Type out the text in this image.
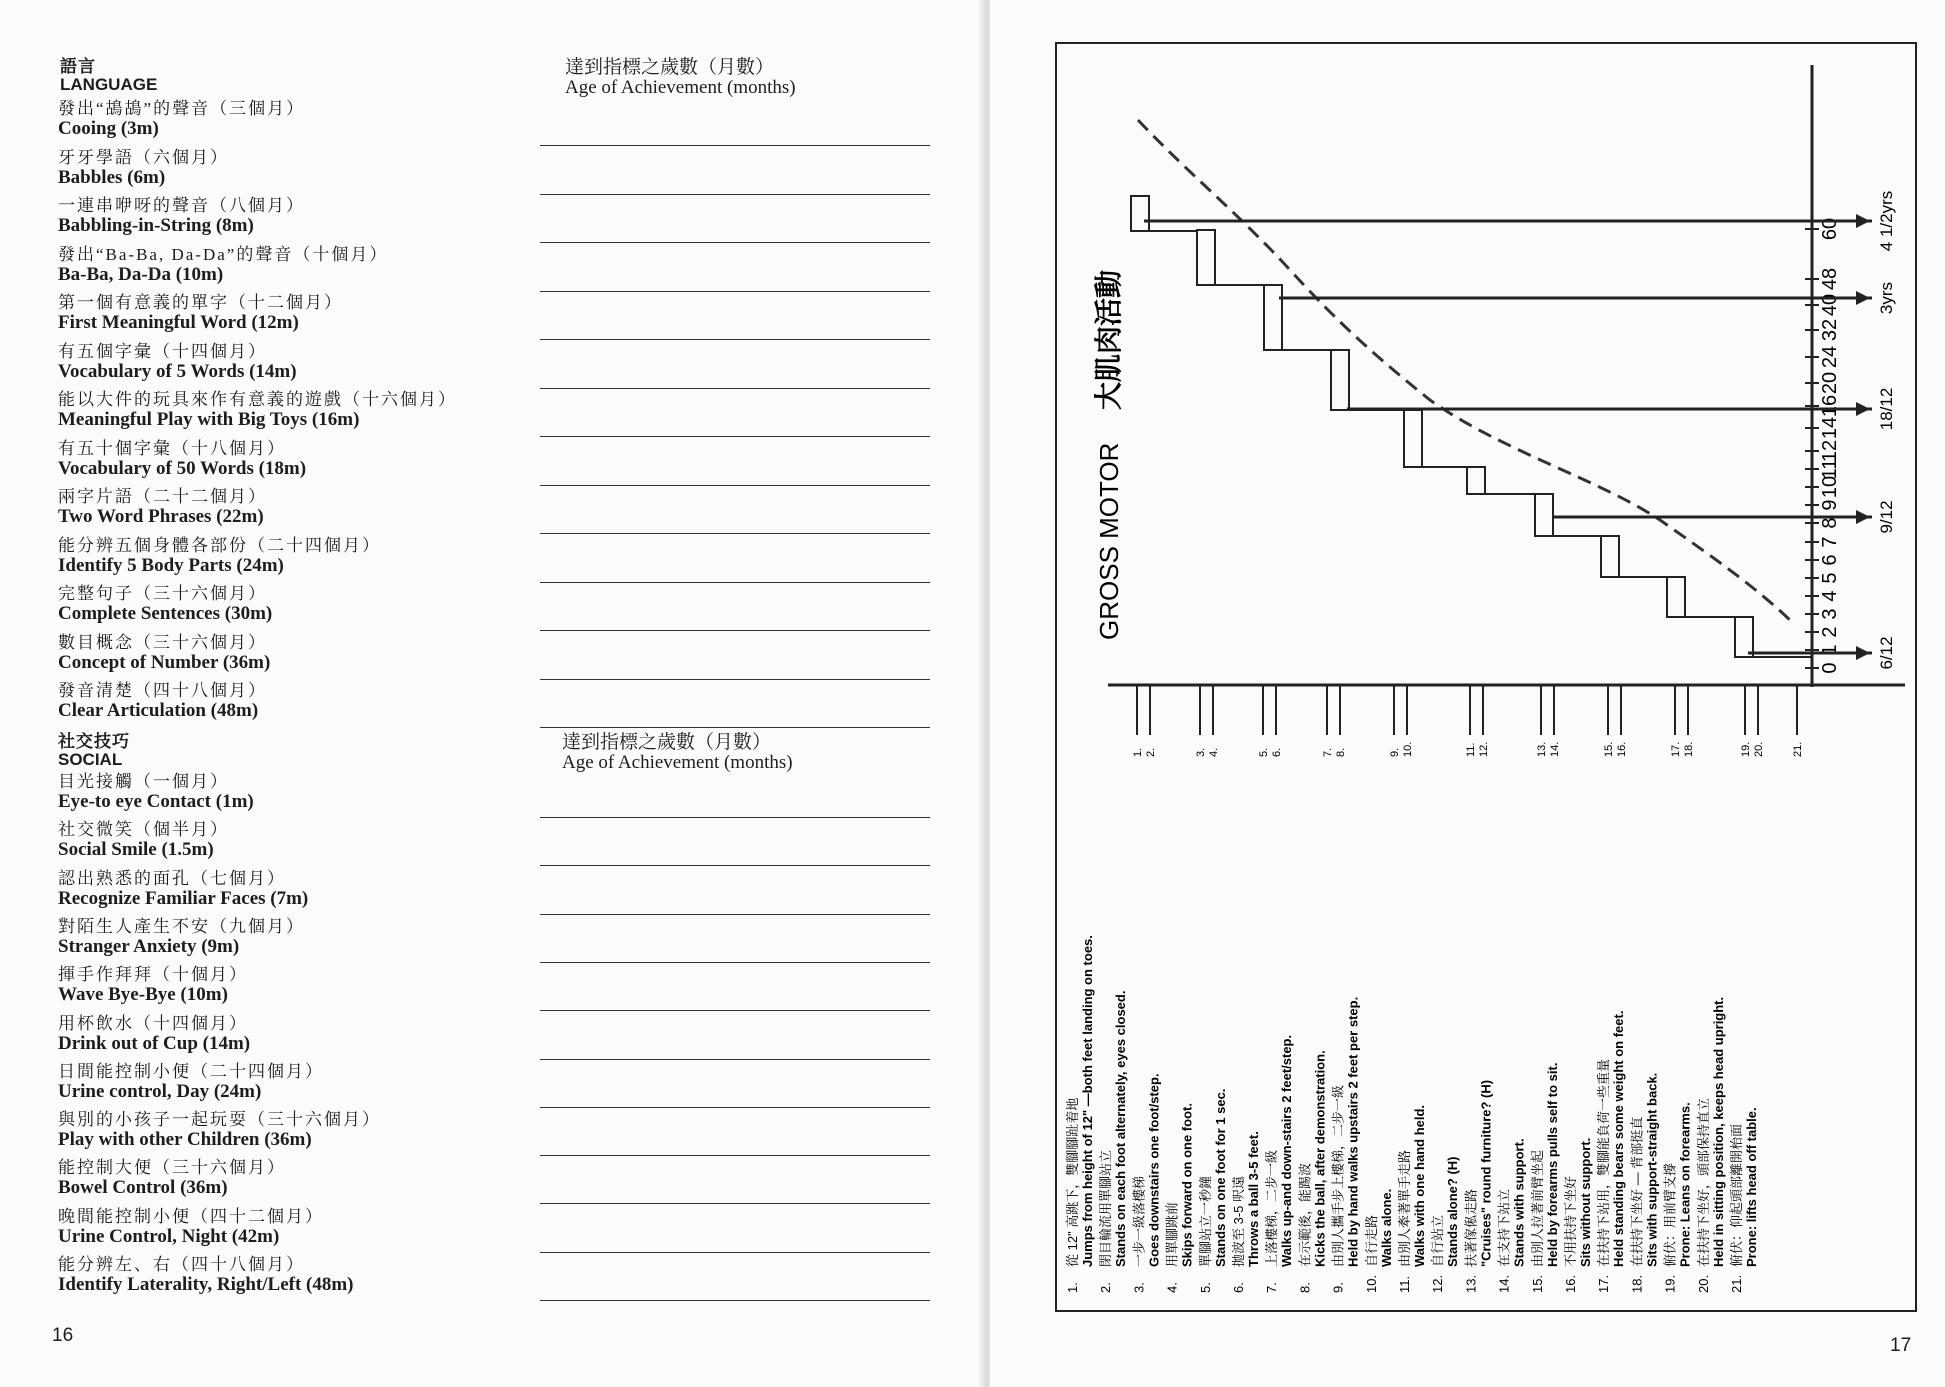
語言
LANGUAGE
達到指標之歲數（月數）
Age of Achievement (months)
發出“鴣鴣”的聲音（三個月）
Cooing (3m)
牙牙學語（六個月）
Babbles (6m)
一連串咿呀的聲音（八個月）
Babbling-in-String (8m)
發出“Ba-Ba, Da-Da”的聲音（十個月）
Ba-Ba, Da-Da (10m)
第一個有意義的單字（十二個月）
First Meaningful Word (12m)
有五個字彙（十四個月）
Vocabulary of 5 Words (14m)
能以大件的玩具來作有意義的遊戲（十六個月）
Meaningful Play with Big Toys (16m)
有五十個字彙（十八個月）
Vocabulary of 50 Words (18m)
兩字片語（二十二個月）
Two Word Phrases (22m)
能分辨五個身體各部份（二十四個月）
Identify 5 Body Parts (24m)
完整句子（三十六個月）
Complete Sentences (30m)
數目概念（三十六個月）
Concept of Number (36m)
發音清楚（四十八個月）
Clear Articulation (48m)
社交技巧
SOCIAL
達到指標之歲數（月數）
Age of Achievement (months)
目光接觸（一個月）
Eye-to eye Contact (1m)
社交微笑（個半月）
Social Smile (1.5m)
認出熟悉的面孔（七個月）
Recognize Familiar Faces (7m)
對陌生人產生不安（九個月）
Stranger Anxiety (9m)
揮手作拜拜（十個月）
Wave Bye-Bye (10m)
用杯飲水（十四個月）
Drink out of Cup (14m)
日間能控制小便（二十四個月）
Urine control, Day (24m)
與別的小孩子一起玩耍（三十六個月）
Play with other Children (36m)
能控制大便（三十六個月）
Bowel Control (36m)
晚間能控制小便（四十二個月）
Urine Control, Night (42m)
能分辨左、右（四十八個月）
Identify Laterality, Right/Left (48m)
16	17
GROSS MOTOR
大肌肉活動
0
1
2
3
4
5
6
7
8
9
10
11
12
14
16
20
24
32
40
48
60
6/12
9/12
18/12
3yrs
4 1/2yrs
1. 2.	3. 4.	5. 6.	7. 8.	9. 10.	11. 12.	13. 14.	15. 16.	17. 18.	19. 20. 21.
1.
從 12" 高跳下，雙腳腳趾着地 Jumps from height of 12" —both feet landing on toes.
2.
閉目輪流用單腳站立 Stands on each foot alternately, eyes closed.
3.
一步一級落樓梯 Goes downstairs one foot/step.
4.
用單腳跳前 Skips forward on one foot.
5.
單腳站立一秒鐘 Stands on one foot for 1 sec.
6.
拋波至 3-5 呎遠 Throws a ball 3-5 feet.
7.
上落樓梯，二步一級 Walks up-and down-stairs 2 feet/step.
8.
在示範後，能踢波 Kicks the ball, after demonstration.
9.
由別人攜手步上樓梯，二步一級 Held by hand walks upstairs 2 feet per step.
10.
自行走路 Walks alone.
11.
由別人牽著單手走路 Walks with one hand held.
12.
自行站立 Stands alone? (H)
13.
扶著傢俬走路 "Cruises" round furniture? (H)
14.
在支持下站立 Stands with support.
15.
由別人拉著前臂坐起 Held by forearms pulls self to sit.
16.
不用扶持下坐好 Sits without support.
17.
在扶持下站用，雙腳能負荷一些重量 Held standing bears some weight on feet.
18.
在扶持下坐好 — 背部挺直 Sits with support-straight back.
19.
俯伏：用前臂支撐 Prone: Leans on forearms.
20.
在扶持下坐好，頭部保持直立 Held in sitting position, keeps head upright.
21.
俯伏：仰起頭部離開枱面 Prone: lifts head off table.
